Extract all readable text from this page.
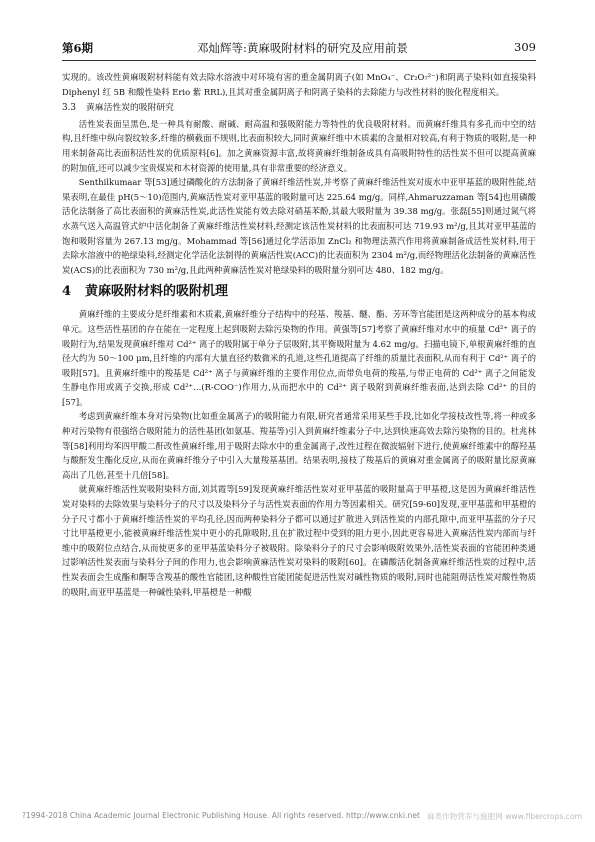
第6期	邓灿辉等:黄麻吸附材料的研究及应用前景	309

实现的。该改性黄麻吸附材料能有效去除水溶液中对环境有害的重金属阴离子(如 MnO₄⁻、Cr₂O₇²⁻)和阴离子染料(如直接染料 Diphenyl 红 5B 和酸性染料 Erio 紫 RRL),且其对重金属阴离子和阴离子染料的去除能力与改性材料的胺化程度相关。

3.3 黄麻活性炭的吸附研究

活性炭表面呈黑色,是一种具有耐酸、耐碱、耐高温和强吸附能力等特性的优良吸附材料。而黄麻纤维具有多孔而中空的结构,且纤维中纵向裂纹较多,纤维的横截面不规则,比表面积较大,同时黄麻纤维中木质素的含量相对较高,有利于物质的吸附,是一种用来制备高比表面积活性炭的优质原料[6]。加之黄麻资源丰富,故将黄麻纤维制备成具有高吸附特性的活性炭不但可以提高黄麻的附加值,还可以减少宝贵煤炭和木材资源的使用量,具有非常重要的经济意义。

Senthilkumaar 等[53]通过磷酸化的方法制备了黄麻纤维活性炭,并考察了黄麻纤维活性炭对废水中亚甲基蓝的吸附性能,结果表明,在最佳 pH(5～10)范围内,黄麻活性炭对亚甲基蓝的吸附量可达 225.64 mg/g。同样,Ahmaruzzaman 等[54]也用磷酸活化法制备了高比表面积的黄麻活性炭,此活性炭能有效去除对硝基苯酚,其最大吸附量为 39.38 mg/g。张磊[55]则通过氮气将水蒸气送入高温管式炉中活化制备了黄麻纤维活性炭材料,经测定该活性炭材料的比表面积可达 719.93 m²/g,且其对亚甲基蓝的饱和吸附容量为 267.13 mg/g。Mohammad 等[56]通过化学活添加 ZnCl₂ 和物理法蒸汽作用将黄麻制备成活性炭材料,用于去除水溶液中的艳绿染料,经测定化学活化法制得的黄麻活性炭(ACC)的比表面积为 2304 m²/g,而经物理活化法制备的黄麻活性炭(ACS)的比表面积为 730 m²/g,且此两种黄麻活性炭对艳绿染料的吸附量分别可达 480、182 mg/g。

4 黄麻吸附材料的吸附机理

黄麻纤维的主要成分是纤维素和木质素,黄麻纤维分子结构中的羟基、羧基、醚、酯、芳环等官能团是这两种成分的基本构成单元。这些活性基团的存在能在一定程度上起到吸附去除污染物的作用。黄强等[57]考察了黄麻纤维对水中的痕量 Cd²⁺ 离子的吸附行为,结果发现黄麻纤维对 Cd²⁺ 离子的吸附属于单分子层吸附,其平衡吸附量为 4.62 mg/g。扫描电镜下,单根黄麻纤维的直径大约为 50～100 μm,且纤维的内部有大量直径约数微米的孔道,这些孔道提高了纤维的质量比表面积,从而有利于 Cd²⁺ 离子的吸附[57]。且黄麻纤维中的羧基是 Cd²⁺ 离子与黄麻纤维的主要作用位点,而带负电荷的羧基,与带正电荷的 Cd²⁺ 离子之间能发生静电作用或离子交换,形成 Cd²⁺…(R-COO⁻)作用力,从而把水中的 Cd²⁺ 离子吸附到黄麻纤维表面,达到去除 Cd²⁺ 的目的[57]。

考虑到黄麻纤维本身对污染物(比如重金属离子)的吸附能力有限,研究者通常采用某些手段,比如化学接枝改性等,将一种或多种对污染物有很强络合吸附能力的活性基团(如氨基、羧基等)引入到黄麻纤维素分子中,达到快速高效去除污染物的目的。杜兆林等[58]利用均苯四甲酸二酐改性黄麻纤维,用于吸附去除水中的重金属离子,改性过程在微波辐射下进行,使黄麻纤维素中的醇羟基与酸酐发生酯化反应,从而在黄麻纤维分子中引入大量羧基基团。结果表明,接枝了羧基后的黄麻对重金属离子的吸附量比原黄麻高出了几倍,甚至十几倍[58]。

就黄麻纤维活性炭吸附染料方面,刘其霞等[59]发现黄麻纤维活性炭对亚甲基蓝的吸附量高于甲基橙,这是因为黄麻纤维活性炭对染料的去除效果与染料分子的尺寸以及染料分子与活性炭表面的作用力等因素相关。研究[59-60]发现,亚甲基蓝和甲基橙的分子尺寸都小于黄麻纤维活性炭的平均孔径,因而两种染料分子都可以通过扩散进入到活性炭的内部孔隙中,而亚甲基蓝的分子尺寸比甲基橙更小,能被黄麻纤维活性炭中更小的孔隙吸附,且在扩散过程中受到的阻力更小,因此更容易进入黄麻活性炭内部而与纤维中的吸附位点结合,从而使更多的亚甲基蓝染料分子被吸附。除染料分子的尺寸会影响吸附效果外,活性炭表面的官能团种类通过影响活性炭表面与染料分子间的作用力,也会影响黄麻活性炭对染料的吸附[60]。在磷酸活化制备黄麻纤维活性炭的过程中,活性炭表面会生成酯和酮等含羧基的酸性官能团,这种酸性官能团能促进活性炭对碱性物质的吸附,同时也能阻碍活性炭对酸性物质的吸附,而亚甲基蓝是一种碱性染料,甲基橙是一种酸

?1994-2018 China Academic Journal Electronic Publishing House. All rights reserved. http://www.cnki.net 麻类作物营养与施肥网 www.fibercrops.com
